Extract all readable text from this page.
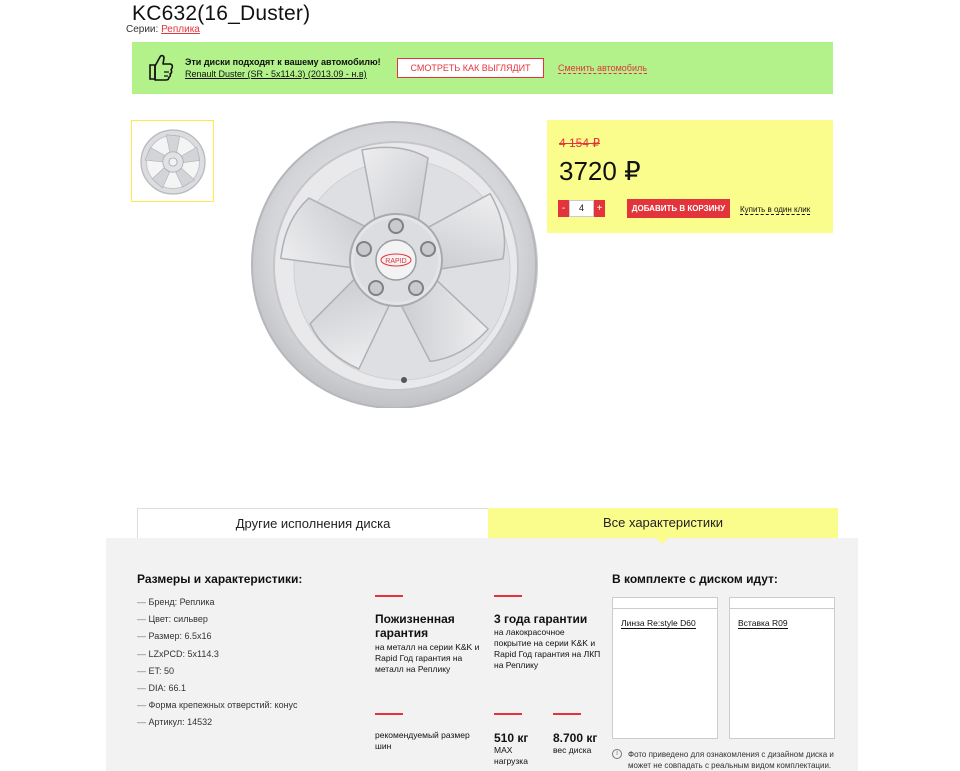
KC632(16_Duster)
Серии: Реплика
Эти диски подходят к вашему автомобилю!
Renault Duster (SR - 5x114.3) (2013.09 - н.в)
СМОТРЕТЬ КАК ВЫГЛЯДИТ	Сменить автомобиль
RAPID
4 154 ₽
3720 ₽
-	4	+	ДОБАВИТЬ В КОРЗИНУ	Купить в один клик
Другие исполнения диска	Все характеристики
Размеры и характеристики:
— Бренд: Реплика
— Цвет: сильвер
— Размер: 6.5x16
— LZxPCD: 5x114.3
— ET: 50
— DIA: 66.1
— Форма крепежных отверстий: конус
— Артикул: 14532
Пожизненная гарантия
на металл на серии K&K и Rapid Год гарантия на металл на Реплику
3 года гарантии
на лакокрасочное покрытие на серии K&K и Rapid Год гарантия на ЛКП на Реплику
рекомендуемый размер шин
510 кг
MAX нагрузка
8.700 кг
вес диска
В комплекте с диском идут:
Линза Re:style D60	Вставка R09
i	Фото приведено для ознакомления с дизайном диска и может не совпадать с реальным видом комплектации.
